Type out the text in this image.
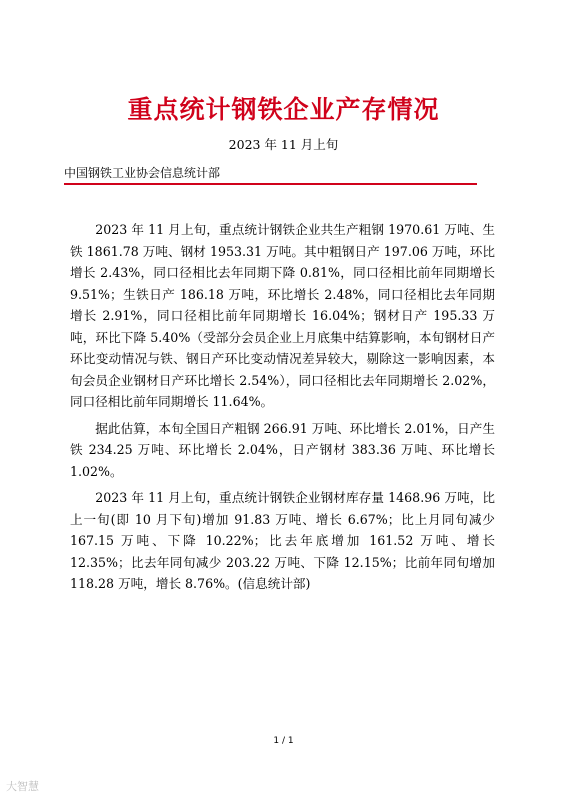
重点统计钢铁企业产存情况
2023 年 11 月上旬
中国钢铁工业协会信息统计部

2023 年 11 月上旬，重点统计钢铁企业共生产粗钢 1970.61 万吨、生铁 1861.78 万吨、钢材 1953.31 万吨。其中粗钢日产 197.06 万吨，环比增长 2.43%，同口径相比去年同期下降 0.81%，同口径相比前年同期增长 9.51%；生铁日产 186.18 万吨，环比增长 2.48%，同口径相比去年同期增长 2.91%，同口径相比前年同期增长 16.04%；钢材日产 195.33 万吨，环比下降 5.40%（受部分会员企业上月底集中结算影响，本旬钢材日产环比变动情况与铁、钢日产环比变动情况差异较大，剔除这一影响因素，本旬会员企业钢材日产环比增长 2.54%），同口径相比去年同期增长 2.02%，同口径相比前年同期增长 11.64%。

据此估算，本旬全国日产粗钢 266.91 万吨、环比增长 2.01%，日产生铁 234.25 万吨、环比增长 2.04%，日产钢材 383.36 万吨、环比增长 1.02%。

2023 年 11 月上旬，重点统计钢铁企业钢材库存量 1468.96 万吨，比上一旬(即 10 月下旬)增加 91.83 万吨、增长 6.67%；比上月同旬减少 167.15 万吨、下降 10.22%；比去年底增加 161.52 万吨、增长 12.35%；比去年同旬减少 203.22 万吨、下降 12.15%；比前年同旬增加 118.28 万吨，增长 8.76%。(信息统计部)

1 / 1
大智慧
